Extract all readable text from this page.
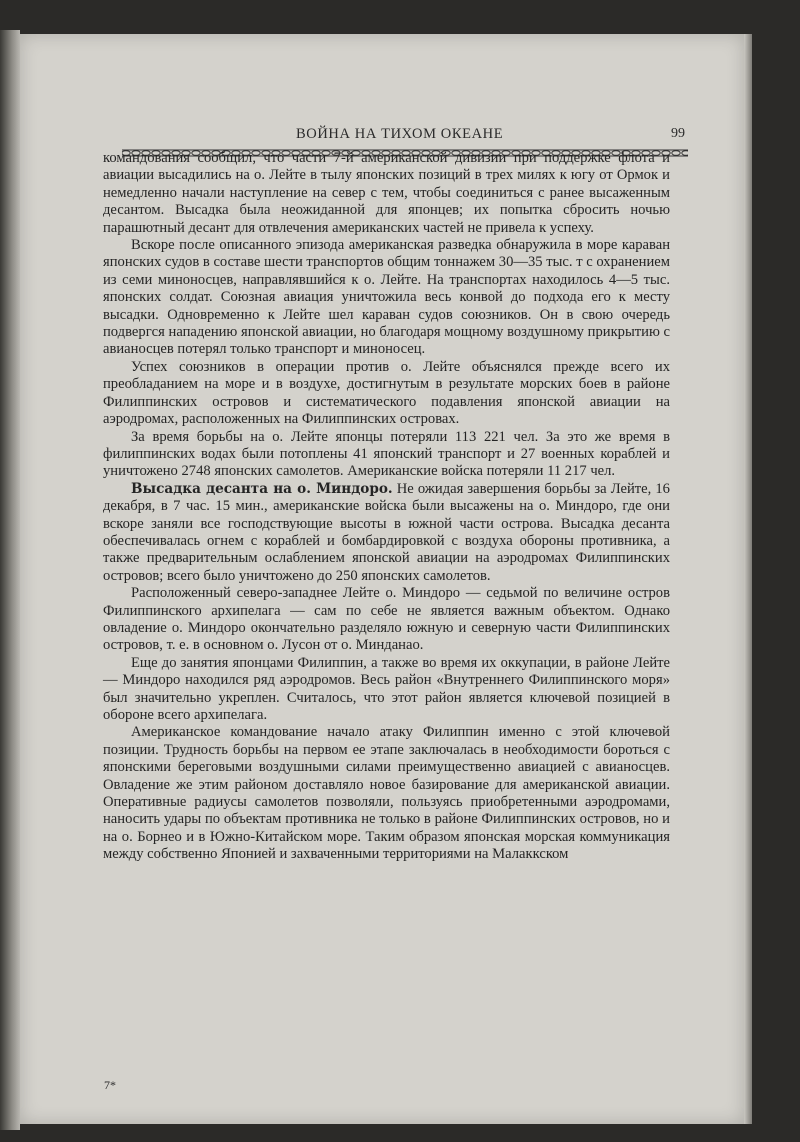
ВОЙНА НА ТИХОМ ОКЕАНЕ	99

командования сообщил, что части 7-й американской дивизии при поддержке флота и авиации высадились на о. Лейте в тылу японских позиций в трех милях к югу от Ормок и немедленно начали наступление на север с тем, чтобы соединиться с ранее высаженным десантом. Высадка была неожиданной для японцев; их попытка сбросить ночью парашютный десант для отвлечения американских частей не привела к успеху.

Вскоре после описанного эпизода американская разведка обнаружила в море караван японских судов в составе шести транспортов общим тоннажем 30—35 тыс. т с охранением из семи миноносцев, направлявшийся к о. Лейте. На транспортах находилось 4—5 тыс. японских солдат. Союзная авиация уничтожила весь конвой до подхода его к месту высадки. Одновременно к Лейте шел караван судов союзников. Он в свою очередь подвергся нападению японской авиации, но благодаря мощному воздушному прикрытию с авианосцев потерял только транспорт и миноносец.

Успех союзников в операции против о. Лейте объяснялся прежде всего их преобладанием на море и в воздухе, достигнутым в результате морских боев в районе Филиппинских островов и систематического подавления японской авиации на аэродромах, расположенных на Филиппинских островах.

За время борьбы на о. Лейте японцы потеряли 113 221 чел. За это же время в филиппинских водах были потоплены 41 японский транспорт и 27 военных кораблей и уничтожено 2748 японских самолетов. Американские войска потеряли 11 217 чел.

Высадка десанта на о. Миндоро. Не ожидая завершения борьбы за Лейте, 16 декабря, в 7 час. 15 мин., американские войска были высажены на о. Миндоро, где они вскоре заняли все господствующие высоты в южной части острова. Высадка десанта обеспечивалась огнем с кораблей и бомбардировкой с воздуха обороны противника, а также предварительным ослаблением японской авиации на аэродромах Филиппинских островов; всего было уничтожено до 250 японских самолетов.

Расположенный северо-западнее Лейте о. Миндоро — седьмой по величине остров Филиппинского архипелага — сам по себе не является важным объектом. Однако овладение о. Миндоро окончательно разделяло южную и северную части Филиппинских островов, т. е. в основном о. Лусон от о. Минданао.

Еще до занятия японцами Филиппин, а также во время их оккупации, в районе Лейте — Миндоро находился ряд аэродромов. Весь район «Внутреннего Филиппинского моря» был значительно укреплен. Считалось, что этот район является ключевой позицией в обороне всего архипелага.

Американское командование начало атаку Филиппин именно с этой ключевой позиции. Трудность борьбы на первом ее этапе заключалась в необходимости бороться с японскими береговыми воздушными силами преимущественно авиацией с авианосцев. Овладение же этим районом доставляло новое базирование для американской авиации. Оперативные радиусы самолетов позволяли, пользуясь приобретенными аэродромами, наносить удары по объектам противника не только в районе Филиппинских островов, но и на о. Борнео и в Южно-Китайском море. Таким образом японская морская коммуникация между собственно Японией и захваченными территориями на Малаккском

7*
